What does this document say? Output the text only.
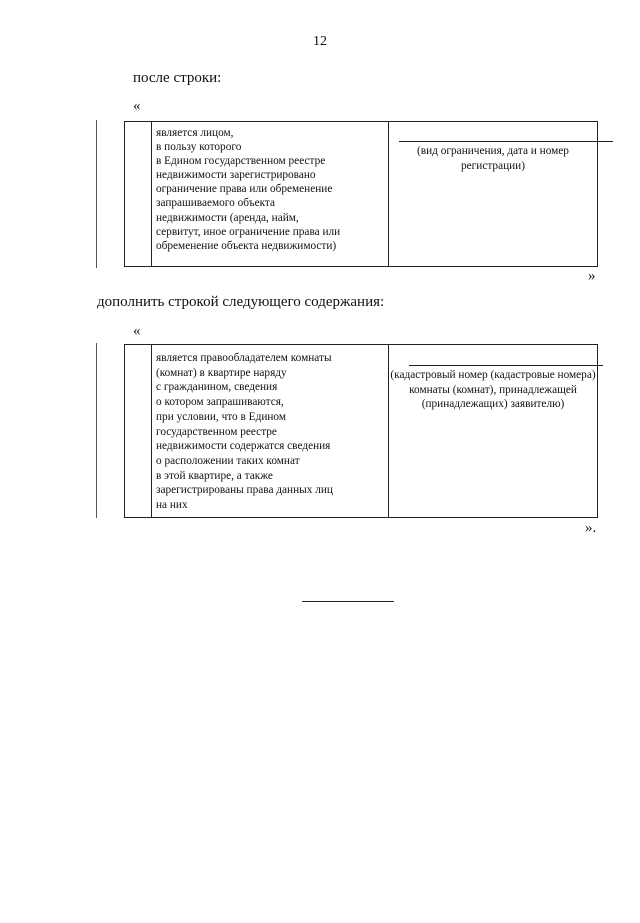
12
после строки:
«
является лицом,
в пользу которого
в Едином государственном реестре
недвижимости зарегистрировано
ограничение права или обременение
запрашиваемого объекта
недвижимости (аренда, найм,
сервитут, иное ограничение права или
обременение объекта недвижимости)
(вид ограничения, дата и номер
регистрации)
»
дополнить строкой следующего содержания:
«
является правообладателем комнаты
(комнат) в квартире наряду
с гражданином, сведения
о котором запрашиваются,
при условии, что в Едином
государственном реестре
недвижимости содержатся сведения
о расположении таких комнат
в этой квартире, а также
зарегистрированы права данных лиц
на них
(кадастровый номер (кадастровые номера)
комнаты (комнат), принадлежащей
(принадлежащих) заявителю)
».
